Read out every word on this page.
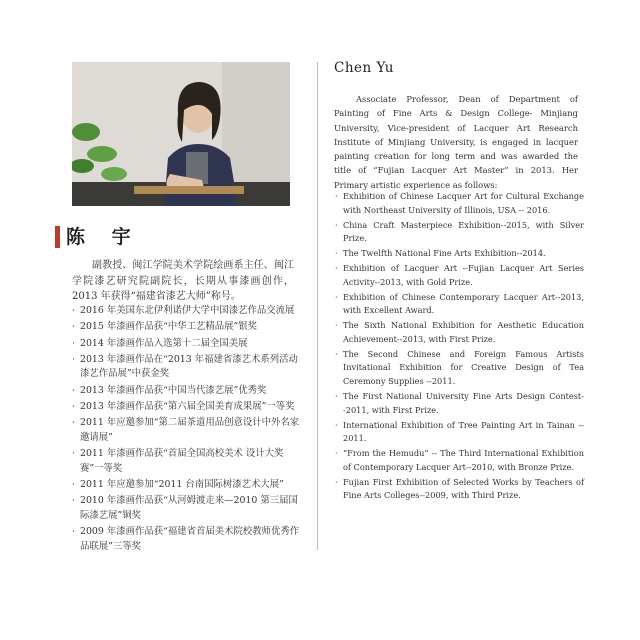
陈 宇
副教授、闽江学院美术学院绘画系主任、闽江学院漆艺研究院副院长，长期从事漆画创作，2013 年获得“福建省漆艺大师”称号。
· 2016 年美国东北伊利诺伊大学中国漆艺作品交流展
· 2015 年漆画作品获“中华工艺精品展”银奖
· 2014 年漆画作品入选第十二届全国美展
· 2013 年漆画作品在“2013 年福建省漆艺术系列活动漆艺作品展”中获金奖
· 2013 年漆画作品获“中国当代漆艺展”优秀奖
· 2013 年漆画作品获“第六届全国美育成果展”一等奖
· 2011 年应邀参加“第二届茶道用品创意设计中外名家邀请展”
· 2011 年漆画作品获“首届全国高校美术 设计大奖赛”一等奖
· 2011 年应邀参加“2011 台南国际树漆艺术大展”
· 2010 年漆画作品获“从河姆渡走来—2010 第三届国际漆艺展”铜奖
· 2009 年漆画作品获“福建省首届美术院校教师优秀作品联展”三等奖
Chen Yu
Associate Professor, Dean of Department of Painting of Fine Arts & Design College- Minjiang University, Vice-president of Lacquer Art Research Institute of Minjiang University, is engaged in lacquer painting creation for long term and was awarded the title of “Fujian Lacquer Art Master” in 2013. Her Primary artistic experience as follows:
· Exhibition of Chinese Lacquer Art for Cultural Exchange with Northeast University of Illinois, USA -- 2016.
· China Craft Masterpiece Exhibition--2015, with Silver Prize.
· The Twelfth National Fine Arts Exhibition--2014.
· Exhibition of Lacquer Art --Fujian Lacquer Art Series Activity--2013, with Gold Prize.
· Exhibition of Chinese Contemporary Lacquer Art--2013, with Excellent Award.
· The Sixth National Exhibition for Aesthetic Education Achievement--2013, with First Prize.
· The Second Chinese and Foreign Famous Artists Invitational Exhibition for Creative Design of Tea Ceremony Supplies --2011.
· The First National University Fine Arts Design Contest--2011, with First Prize.
· International Exhibition of Tree Painting Art in Tainan -- 2011.
· “From the Hemudu” -- The Third International Exhibition of Contemporary Lacquer Art--2010, with Bronze Prize.
· Fujian First Exhibition of Selected Works by Teachers of Fine Arts Colleges--2009, with Third Prize.
